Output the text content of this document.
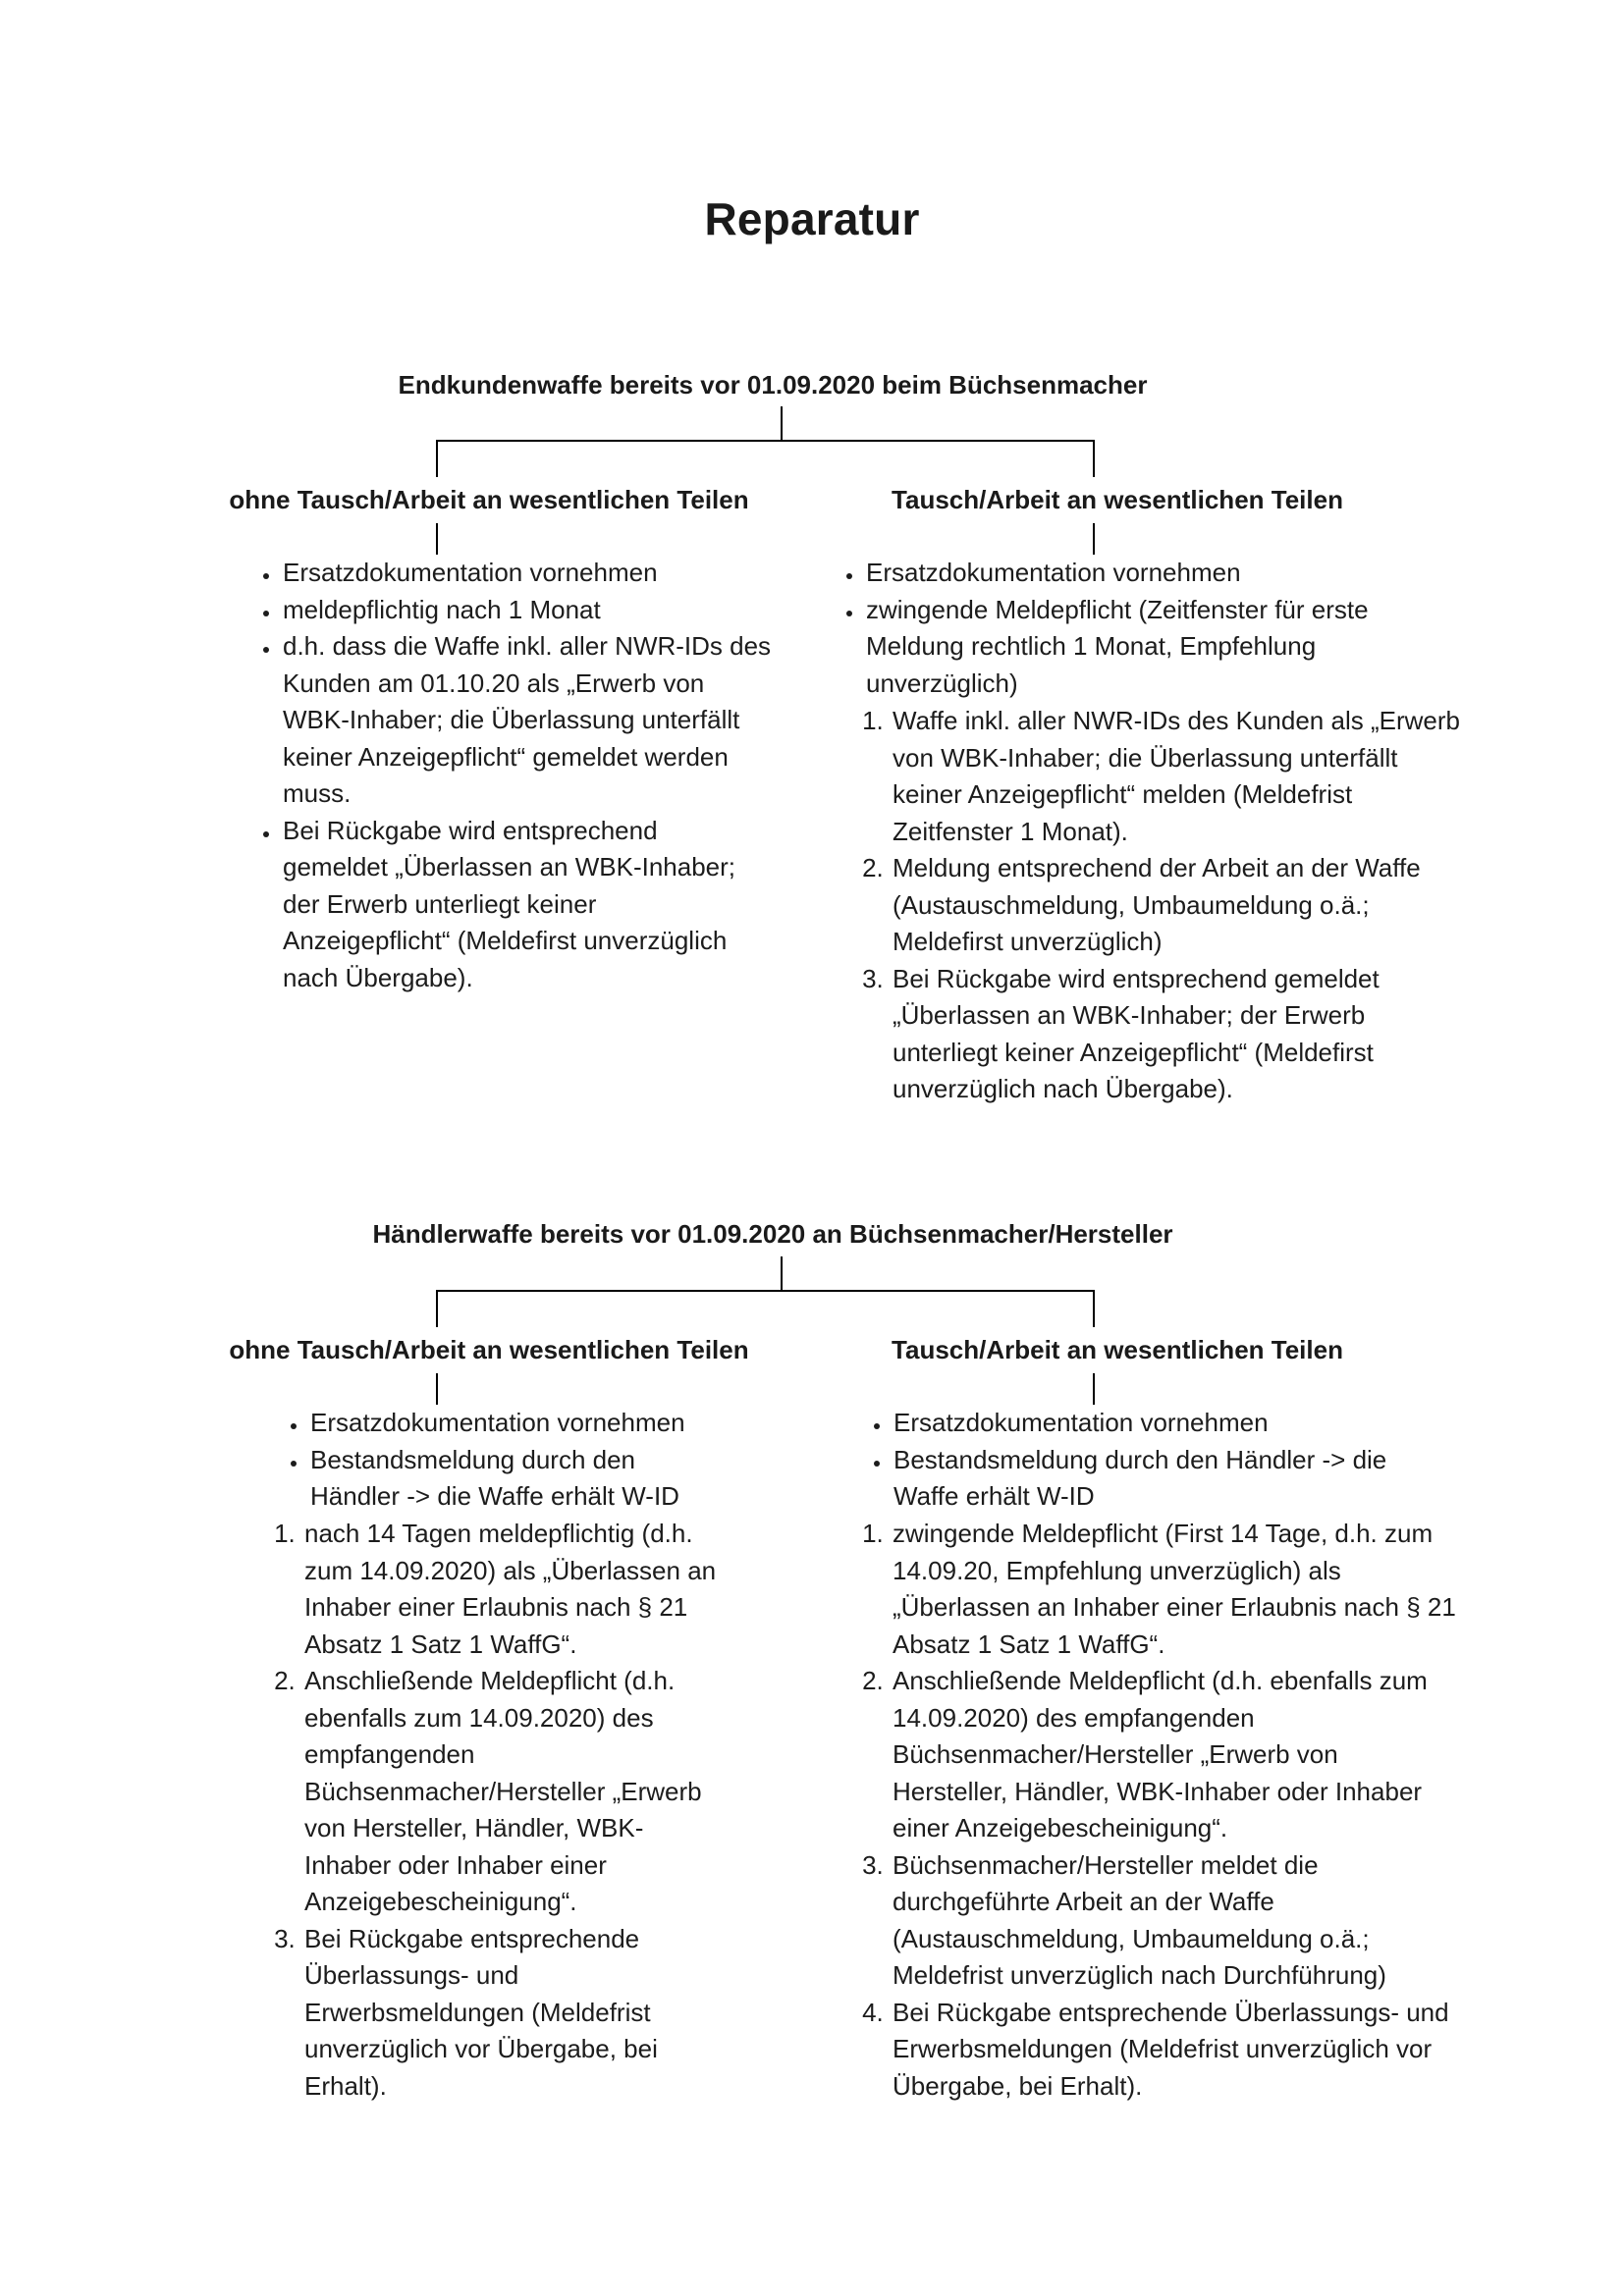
Reparatur
Endkundenwaffe bereits vor 01.09.2020 beim Büchsenmacher
ohne Tausch/Arbeit an wesentlichen Teilen
• Ersatzdokumentation vornehmen
• meldepflichtig nach 1 Monat
• d.h. dass die Waffe inkl. aller NWR-IDs des Kunden am 01.10.20 als „Erwerb von WBK-Inhaber; die Überlassung unterfällt keiner Anzeigepflicht“ gemeldet werden muss.
• Bei Rückgabe wird entsprechend gemeldet „Überlassen an WBK-Inhaber; der Erwerb unterliegt keiner Anzeigepflicht“ (Meldefirst unverzüglich nach Übergabe).
Tausch/Arbeit an wesentlichen Teilen
• Ersatzdokumentation vornehmen
• zwingende Meldepflicht (Zeitfenster für erste Meldung rechtlich 1 Monat, Empfehlung unverzüglich)
1. Waffe inkl. aller NWR-IDs des Kunden als „Erwerb von WBK-Inhaber; die Überlassung unterfällt keiner Anzeigepflicht“ melden (Meldefrist Zeitfenster 1 Monat).
2. Meldung entsprechend der Arbeit an der Waffe (Austauschmeldung, Umbaumeldung o.ä.; Meldefirst unverzüglich)
3. Bei Rückgabe wird entsprechend gemeldet „Überlassen an WBK-Inhaber; der Erwerb unterliegt keiner Anzeigepflicht“ (Meldefirst unverzüglich nach Übergabe).
Händlerwaffe bereits vor 01.09.2020 an Büchsenmacher/Hersteller
ohne Tausch/Arbeit an wesentlichen Teilen
• Ersatzdokumentation vornehmen
• Bestandsmeldung durch den Händler -> die Waffe erhält W-ID
1. nach 14 Tagen meldepflichtig (d.h. zum 14.09.2020) als „Überlassen an Inhaber einer Erlaubnis nach § 21 Absatz 1 Satz 1 WaffG“.
2. Anschließende Meldepflicht (d.h. ebenfalls zum 14.09.2020) des empfangenden Büchsenmacher/Hersteller „Erwerb von Hersteller, Händler, WBK-Inhaber oder Inhaber einer Anzeigebescheinigung“.
3. Bei Rückgabe entsprechende Überlassungs- und Erwerbsmeldungen (Meldefrist unverzüglich vor Übergabe, bei Erhalt).
Tausch/Arbeit an wesentlichen Teilen
• Ersatzdokumentation vornehmen
• Bestandsmeldung durch den Händler -> die Waffe erhält W-ID
1. zwingende Meldepflicht (First 14 Tage, d.h. zum 14.09.20, Empfehlung unverzüglich) als „Überlassen an Inhaber einer Erlaubnis nach § 21 Absatz 1 Satz 1 WaffG“.
2. Anschließende Meldepflicht (d.h. ebenfalls zum 14.09.2020) des empfangenden Büchsenmacher/Hersteller „Erwerb von Hersteller, Händler, WBK-Inhaber oder Inhaber einer Anzeigebescheinigung“.
3. Büchsenmacher/Hersteller meldet die durchgeführte Arbeit an der Waffe (Austauschmeldung, Umbaumeldung o.ä.; Meldefrist unverzüglich nach Durchführung)
4. Bei Rückgabe entsprechende Überlassungs- und Erwerbsmeldungen (Meldefrist unverzüglich vor Übergabe, bei Erhalt).
